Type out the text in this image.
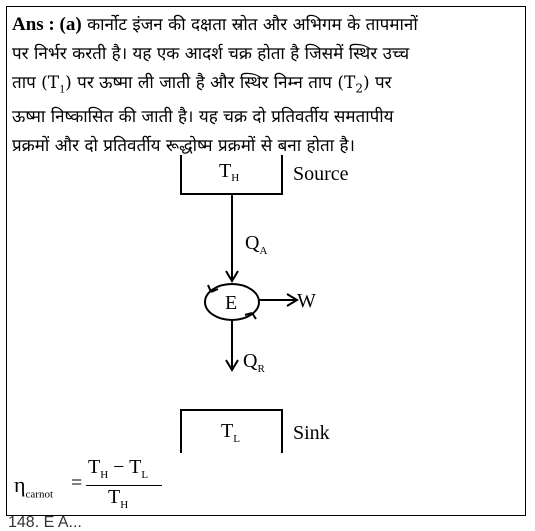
Ans : (a) कार्नोट इंजन की दक्षता स्रोत और अभिगम के तापमानों

पर निर्भर करती है। यह एक आदर्श चक्र होता है जिसमें स्थिर उच्च

ताप $(T_1)$ पर ऊष्मा ली जाती है और स्थिर निम्न ताप $(T_2)$ पर

ऊष्मा निष्कासित की जाती है। यह चक्र दो प्रतिवर्तीय समतापीय

प्रक्रमों और दो प्रतिवर्तीय रूद्धोष्म प्रक्रमों से बना होता है।

$T_H$	Source
$Q_A$
E	W
$Q_R$
$T_L$	Sink
$\eta_{carnot}$
=
$T_H - T_L$
$T_H$
148. E A...
